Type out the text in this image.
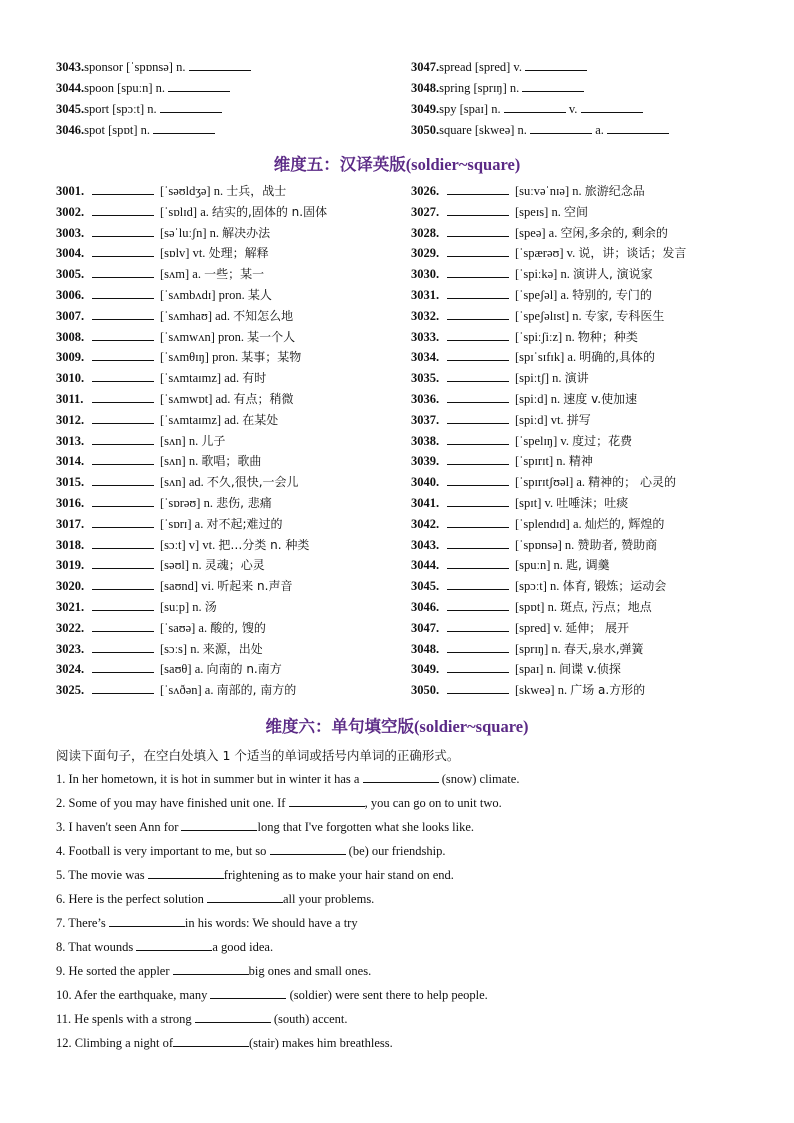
3043.sponsor [ˈspɒnsə] n.
3044.spoon [spuːn] n.
3045.sport [spɔːt] n.
3046.spot [spɒt] n.
3047.spread [spred] v.
3048.spring [sprɪŋ] n.
3049.spy [spaɪ] n.	v.
3050.square [skweə] n.	a.
维度五：汉译英版(soldier~square)
3001.	[ˈsəʊldʒə] n. 士兵，战士
3002.	[ˈsɒlɪd] a. 结实的,固体的 n.固体
3003.	[səˈluːʃn] n. 解决办法
3004.	[sɒlv] vt. 处理；解释
3005.	[sʌm] a. 一些；某一
3006.	[ˈsʌmbʌdɪ] pron. 某人
3007.	[ˈsʌmhaʊ] ad. 不知怎么地
3008.	[ˈsʌmwʌn] pron. 某一个人
3009.	[ˈsʌmθɪŋ] pron. 某事；某物
3010.	[ˈsʌmtaɪmz] ad. 有时
3011.	[ˈsʌmwɒt] ad. 有点；稍微
3012.	[ˈsʌmtaɪmz] ad. 在某处
3013.	[sʌn] n. 儿子
3014.	[sʌn] n. 歌唱；歌曲
3015.	[sʌn] ad. 不久,很快,一会儿
3016.	[ˈsɒrəʊ] n. 悲伤, 悲痛
3017.	[ˈsɒrɪ] a. 对不起;难过的
3018.	[sɔːt] v] vt. 把…分类 n. 种类
3019.	[səʊl] n. 灵魂；心灵
3020.	[saʊnd] vi. 听起来 n.声音
3021.	[suːp] n. 汤
3022.	[ˈsaʊə] a. 酸的, 馊的
3023.	[sɔːs] n. 来源，出处
3024.	[saʊθ] a. 向南的 n.南方
3025.	[ˈsʌðən] a. 南部的, 南方的
3026.	[suːvəˈnɪə] n. 旅游纪念品
3027.	[speɪs] n. 空间
3028.	[speə] a. 空闲,多余的, 剩余的
3029.	[ˈspærəʊ] v. 说，讲；谈话；发言
3030.	[ˈspiːkə] n. 演讲人, 演说家
3031.	[ˈspeʃəl] a. 特别的, 专门的
3032.	[ˈspeʃəlɪst] n. 专家, 专科医生
3033.	[ˈspiːʃiːz] n. 物种；种类
3034.	[spɪˈsɪfɪk] a. 明确的,具体的
3035.	[spiːtʃ] n. 演讲
3036.	[spiːd] n. 速度 v.使加速
3037.	[spiːd] vt. 拼写
3038.	[ˈspelɪŋ] v. 度过；花费
3039.	[ˈspɪrɪt] n. 精神
3040.	[ˈspɪrɪtʃʊəl] a. 精神的； 心灵的
3041.	[spɪt] v. 吐唾沫；吐痰
3042.	[ˈsplendɪd] a. 灿烂的, 辉煌的
3043.	[ˈspɒnsə] n. 赞助者, 赞助商
3044.	[spuːn] n. 匙, 调羹
3045.	[spɔːt] n. 体育, 锻炼；运动会
3046.	[spɒt] n. 斑点, 污点；地点
3047.	[spred] v. 延伸； 展开
3048.	[sprɪŋ] n. 春天,泉水,弹簧
3049.	[spaɪ] n. 间谍 v.侦探
3050.	[skweə] n. 广场 a.方形的
维度六：单句填空版(soldier~square)
阅读下面句子，在空白处填入 1 个适当的单词或括号内单词的正确形式。
1. In her hometown, it is hot in summer but in winter it has a	(snow) climate.
2. Some of you may have finished unit one. If	, you can go on to unit two.
3. I haven't seen Ann for	long that I've forgotten what she looks like.
4. Football is very important to me, but so	(be) our friendship.
5. The movie was	frightening as to make your hair stand on end.
6. Here is the perfect solution	all your problems.
7. There’s	in his words: We should have a try
8. That wounds	a good idea.
9. He sorted the appler	big ones and small ones.
10. Afer the earthquake, many	(soldier) were sent there to help people.
11. He spenls with a strong	(south) accent.
12. Climbing a night of	(stair) makes him breathless.
